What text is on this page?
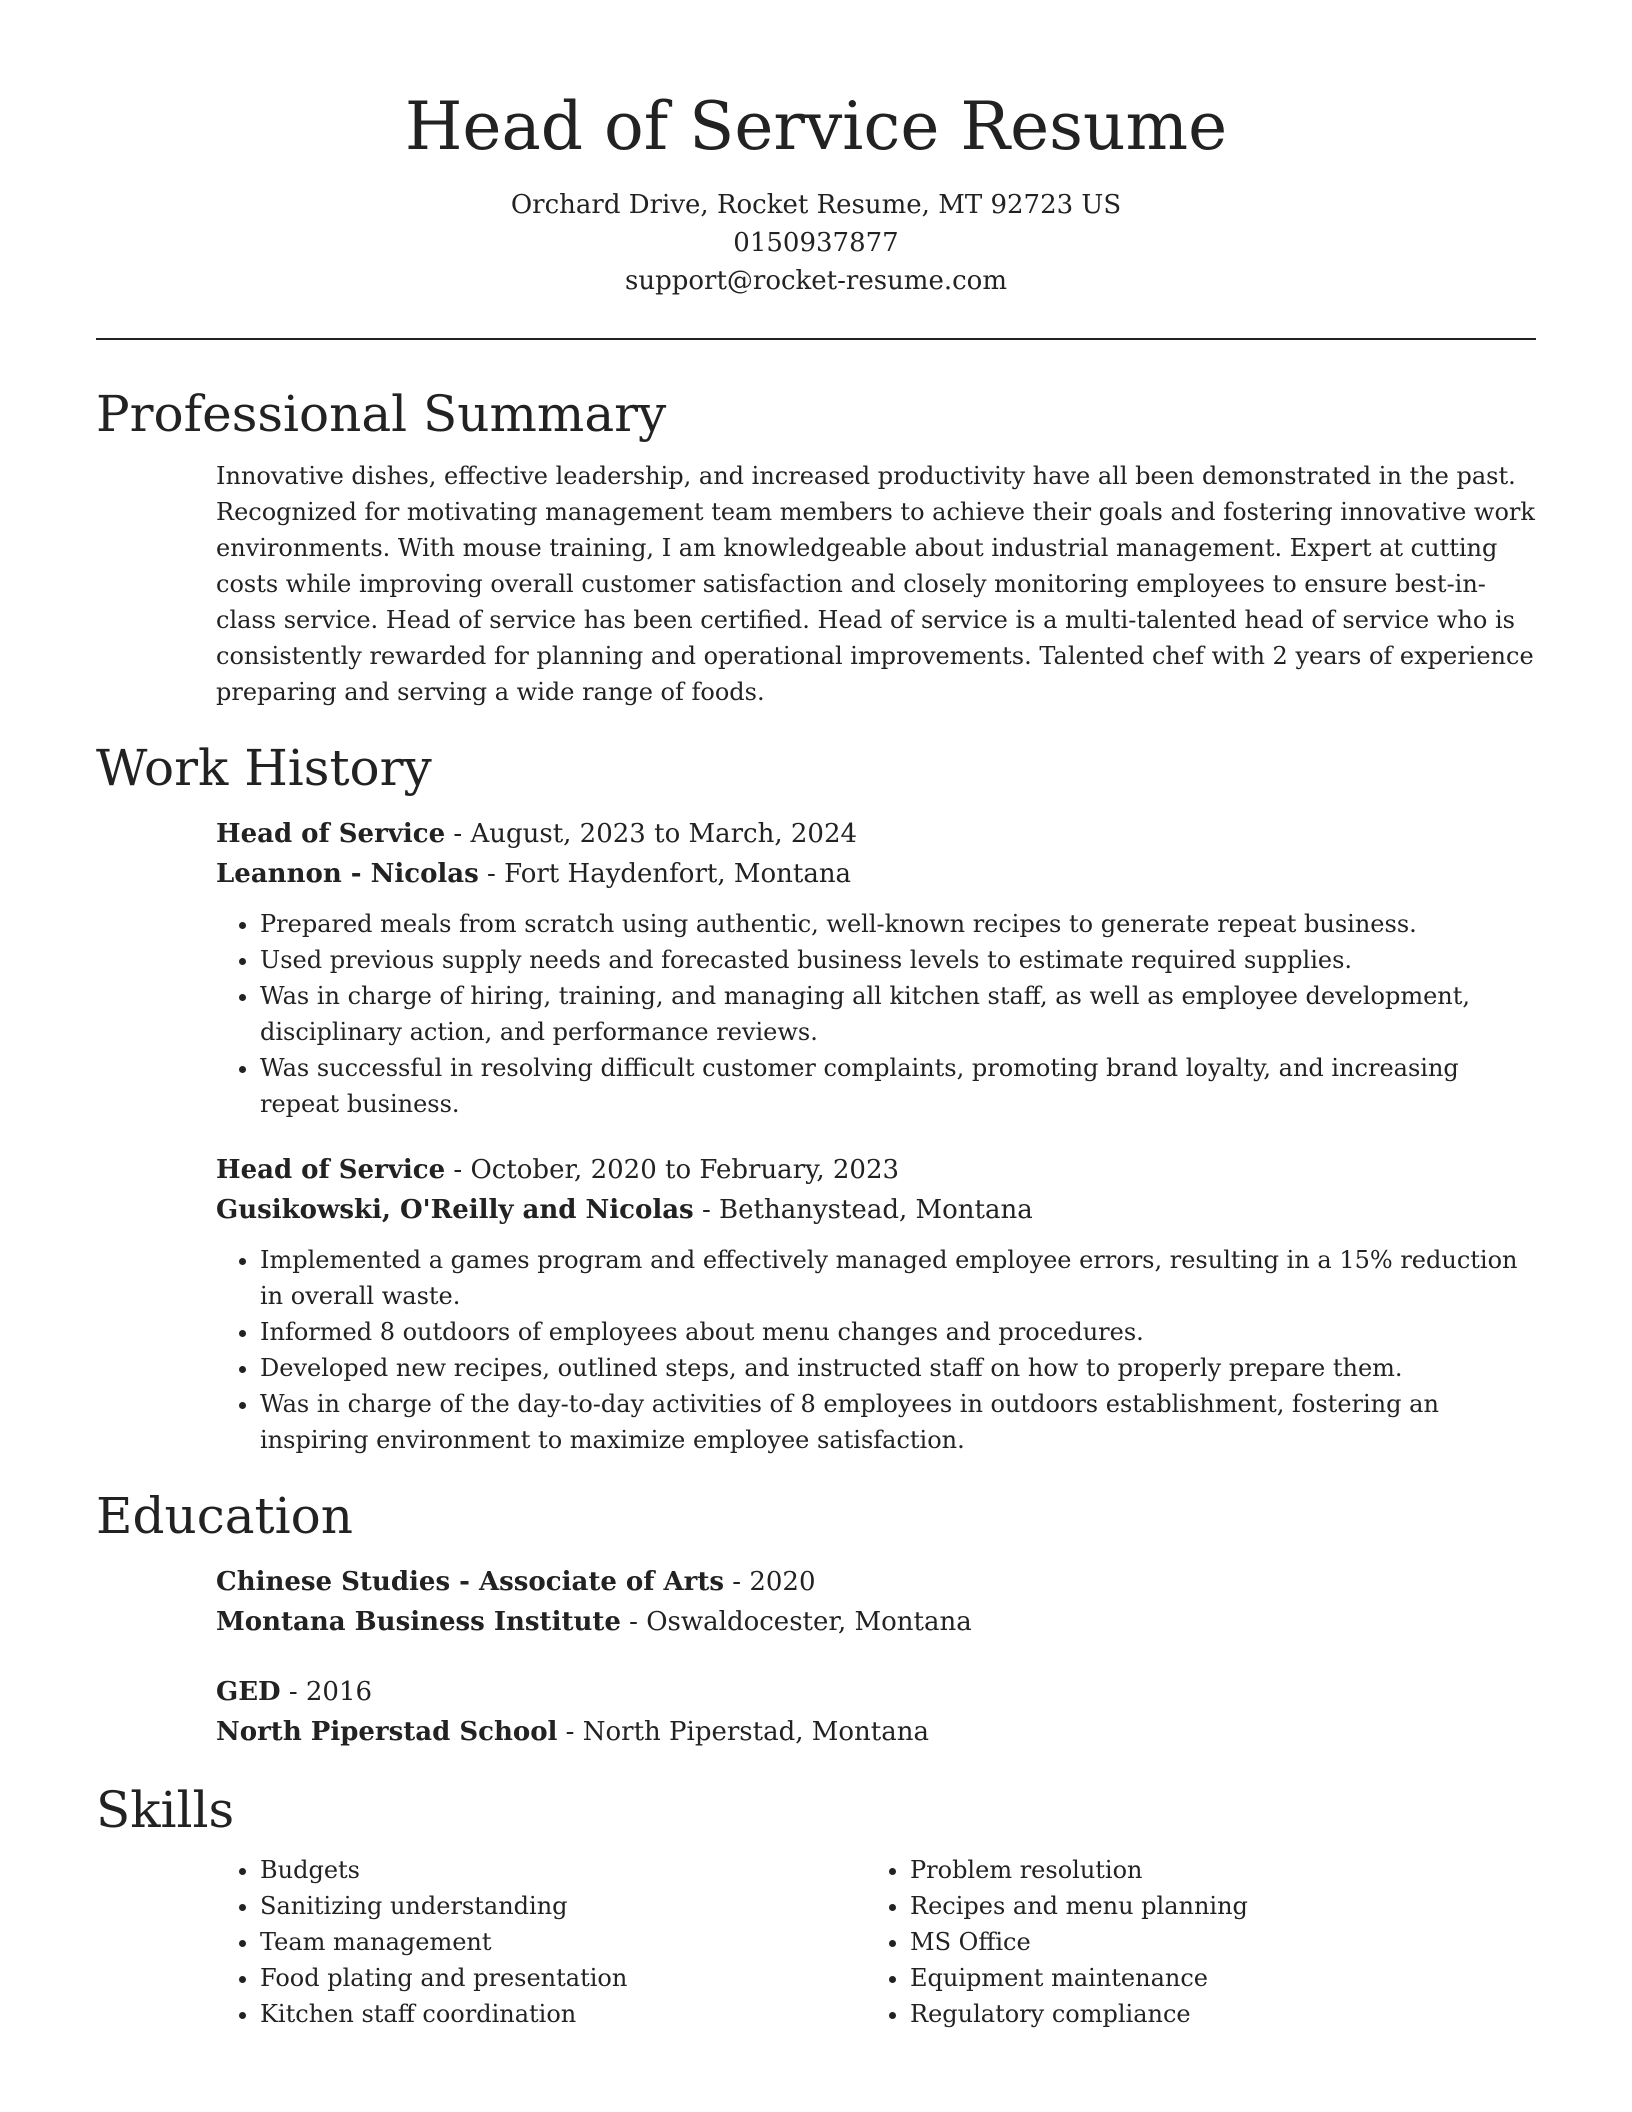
Head of Service Resume
Orchard Drive, Rocket Resume, MT 92723 US
0150937877
support@rocket-resume.com
Professional Summary

Innovative dishes, effective leadership, and increased productivity have all been demonstrated in the past. Recognized for motivating management team members to achieve their goals and fostering innovative work environments. With mouse training, I am knowledgeable about industrial management. Expert at cutting costs while improving overall customer satisfaction and closely monitoring employees to ensure best-in-class service. Head of service has been certified. Head of service is a multi-talented head of service who is consistently rewarded for planning and operational improvements. Talented chef with 2 years of experience preparing and serving a wide range of foods.

Work History

Head of Service - August, 2023 to March, 2024

Leannon - Nicolas - Fort Haydenfort, Montana

• Prepared meals from scratch using authentic, well-known recipes to generate repeat business.
• Used previous supply needs and forecasted business levels to estimate required supplies.
• Was in charge of hiring, training, and managing all kitchen staff, as well as employee development, disciplinary action, and performance reviews.
• Was successful in resolving difficult customer complaints, promoting brand loyalty, and increasing repeat business.

Head of Service - October, 2020 to February, 2023

Gusikowski, O'Reilly and Nicolas - Bethanystead, Montana

• Implemented a games program and effectively managed employee errors, resulting in a 15% reduction in overall waste.
• Informed 8 outdoors of employees about menu changes and procedures.
• Developed new recipes, outlined steps, and instructed staff on how to properly prepare them.
• Was in charge of the day-to-day activities of 8 employees in outdoors establishment, fostering an inspiring environment to maximize employee satisfaction.
Education

Chinese Studies - Associate of Arts - 2020

Montana Business Institute - Oswaldocester, Montana

GED - 2016

North Piperstad School - North Piperstad, Montana

Skills
• Budgets
• Sanitizing understanding
• Team management
• Food plating and presentation
• Kitchen staff coordination
• Problem resolution
• Recipes and menu planning
• MS Office
• Equipment maintenance
• Regulatory compliance
